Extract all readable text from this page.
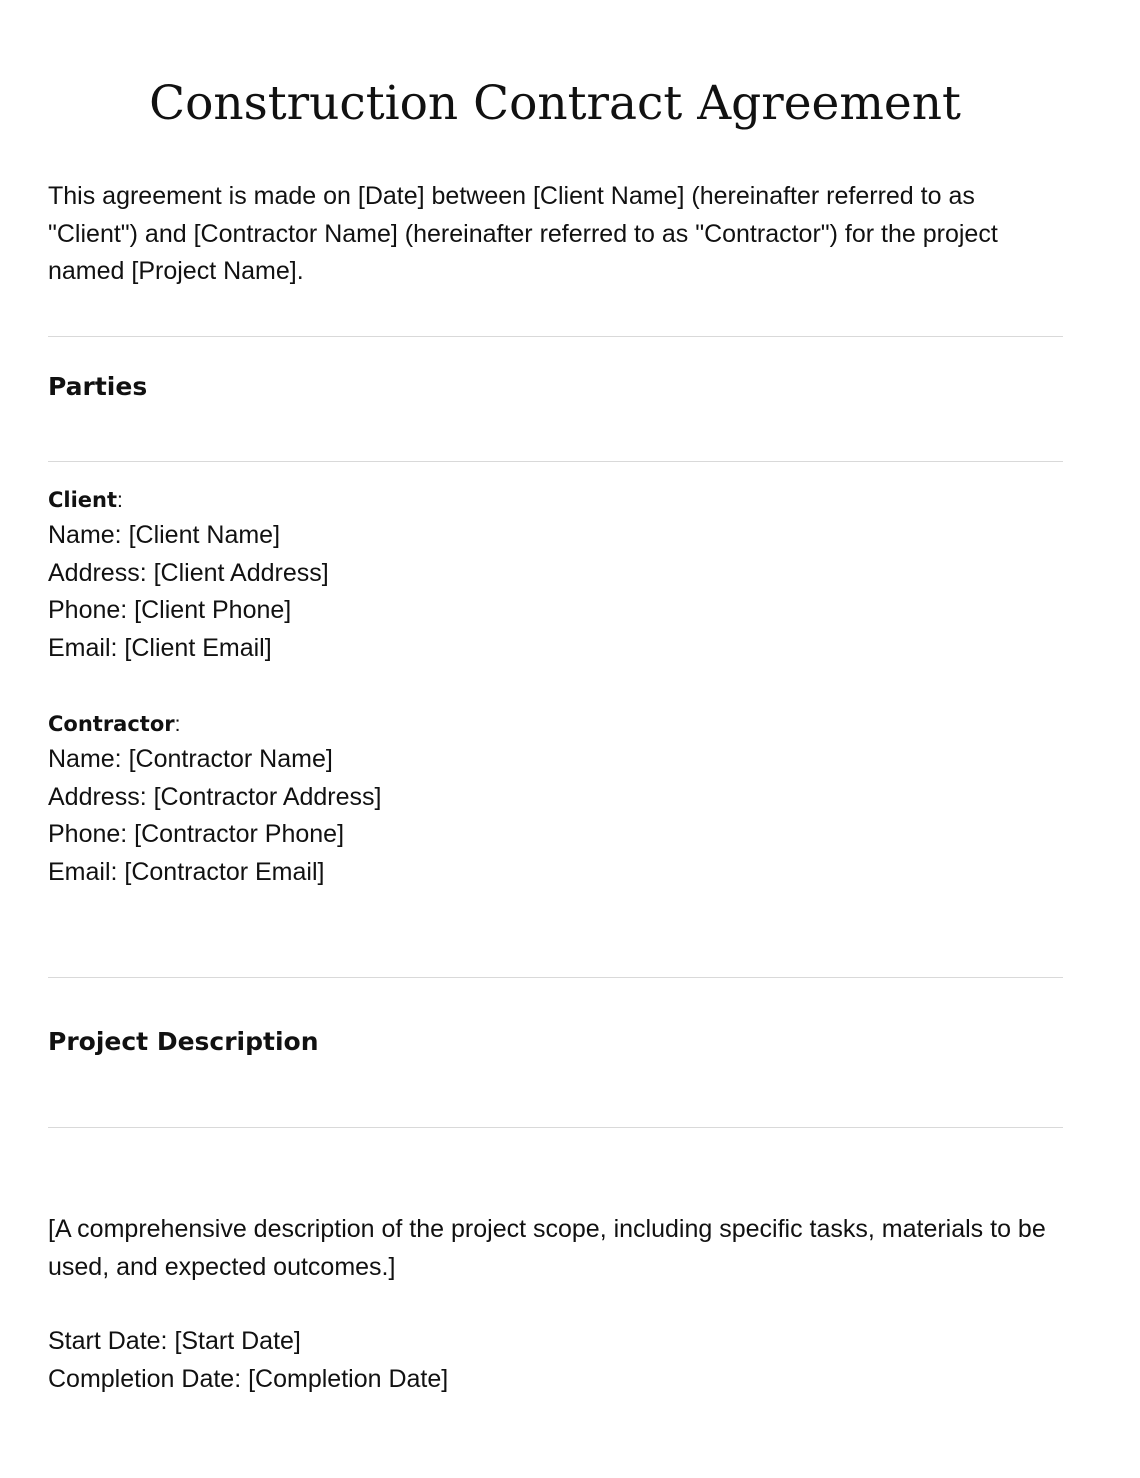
Construction Contract Agreement

This agreement is made on [Date] between [Client Name] (hereinafter referred to as "Client") and [Contractor Name] (hereinafter referred to as "Contractor") for the project named [Project Name].

Parties
Client:
Name: [Client Name]
Address: [Client Address]
Phone: [Client Phone]
Email: [Client Email]
Contractor:
Name: [Contractor Name]
Address: [Contractor Address]
Phone: [Contractor Phone]
Email: [Contractor Email]
Project Description

[A comprehensive description of the project scope, including specific tasks, materials to be used, and expected outcomes.]

Start Date: [Start Date]
Completion Date: [Completion Date]
